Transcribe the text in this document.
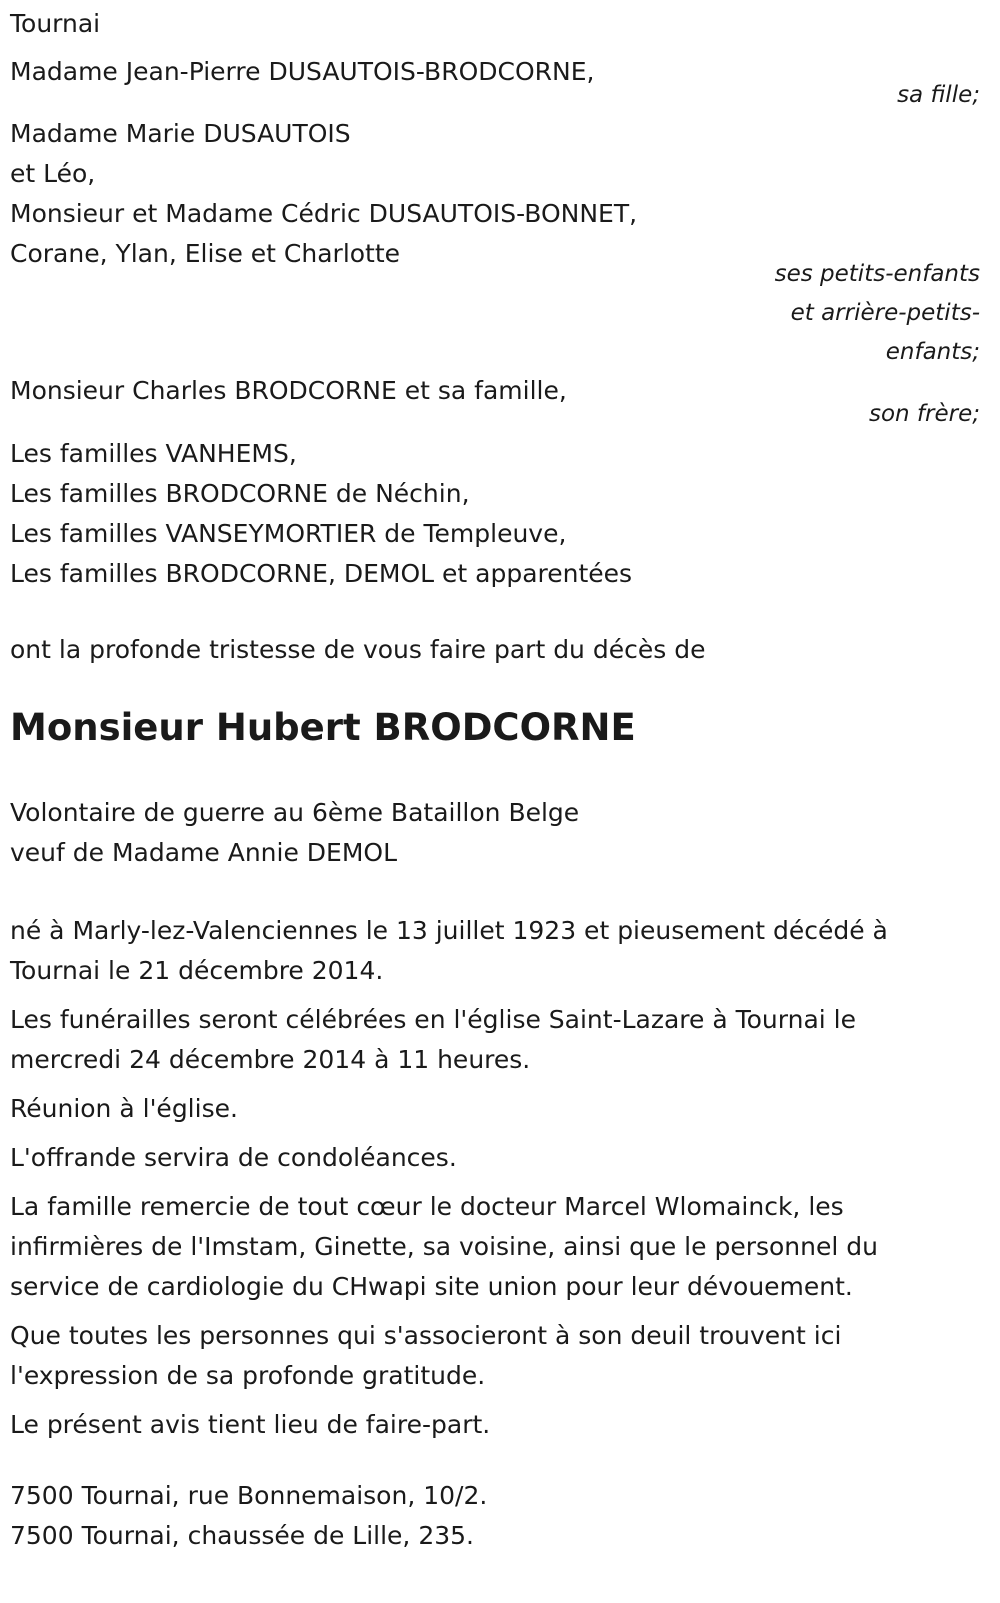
Tournai
Madame Jean-Pierre DUSAUTOIS-BRODCORNE,
sa fille;
Madame Marie DUSAUTOIS
et Léo,
Monsieur et Madame Cédric DUSAUTOIS-BONNET,
Corane, Ylan, Elise et Charlotte
ses petits-enfants
et arrière-petits-
enfants;
Monsieur Charles BRODCORNE et sa famille,
son frère;
Les familles VANHEMS,
Les familles BRODCORNE de Néchin,
Les familles VANSEYMORTIER de Templeuve,
Les familles BRODCORNE, DEMOL et apparentées
ont la profonde tristesse de vous faire part du décès de
Monsieur Hubert BRODCORNE
Volontaire de guerre au 6ème Bataillon Belge
veuf de Madame Annie DEMOL
né à Marly-lez-Valenciennes le 13 juillet 1923 et pieusement décédé à Tournai le 21 décembre 2014.
Les funérailles seront célébrées en l'église Saint-Lazare à Tournai le mercredi 24 décembre 2014 à 11 heures.
Réunion à l'église.
L'offrande servira de condoléances.
La famille remercie de tout cœur le docteur Marcel Wlomainck, les infirmières de l'Imstam, Ginette, sa voisine, ainsi que le personnel du service de cardiologie du CHwapi site union pour leur dévouement.
Que toutes les personnes qui s'associeront à son deuil trouvent ici l'expression de sa profonde gratitude.
Le présent avis tient lieu de faire-part.
7500 Tournai, rue Bonnemaison, 10/2.
7500 Tournai, chaussée de Lille, 235.
